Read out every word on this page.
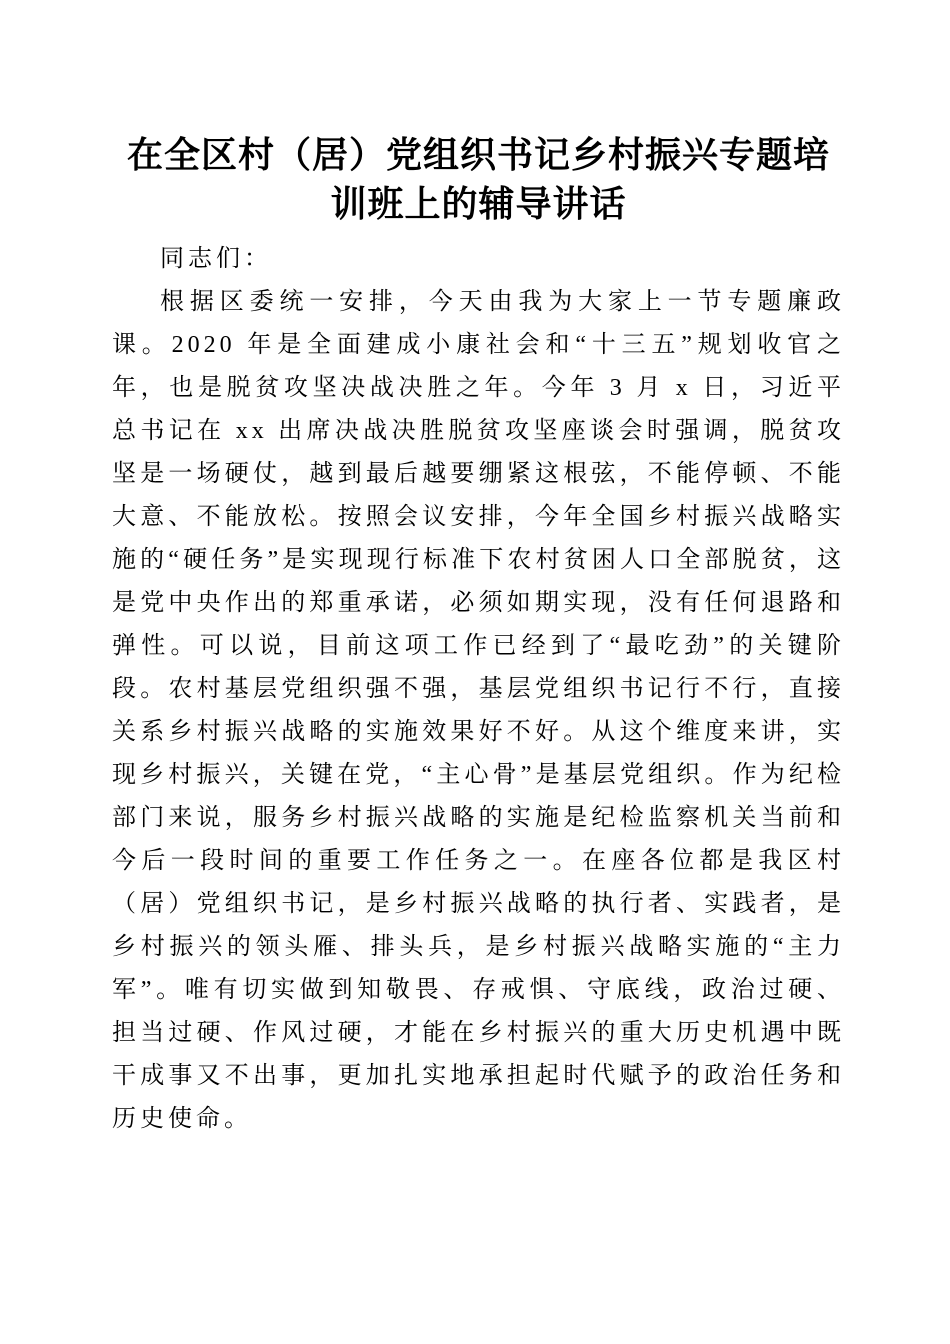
在全区村（居）党组织书记乡村振兴专题培训班上的辅导讲话

同志们：

根据区委统一安排，今天由我为大家上一节专题廉政课。2020 年是全面建成小康社会和“十三五”规划收官之年，也是脱贫攻坚决战决胜之年。今年 3 月 x 日，习近平总书记在 xx 出席决战决胜脱贫攻坚座谈会时强调，脱贫攻坚是一场硬仗，越到最后越要绷紧这根弦，不能停顿、不能大意、不能放松。按照会议安排，今年全国乡村振兴战略实施的“硬任务”是实现现行标准下农村贫困人口全部脱贫，这是党中央作出的郑重承诺，必须如期实现，没有任何退路和弹性。可以说，目前这项工作已经到了“最吃劲”的关键阶段。农村基层党组织强不强，基层党组织书记行不行，直接关系乡村振兴战略的实施效果好不好。从这个维度来讲，实现乡村振兴，关键在党，“主心骨”是基层党组织。作为纪检部门来说，服务乡村振兴战略的实施是纪检监察机关当前和今后一段时间的重要工作任务之一。在座各位都是我区村（居）党组织书记，是乡村振兴战略的执行者、实践者，是乡村振兴的领头雁、排头兵，是乡村振兴战略实施的“主力军”。唯有切实做到知敬畏、存戒惧、守底线，政治过硬、担当过硬、作风过硬，才能在乡村振兴的重大历史机遇中既干成事又不出事，更加扎实地承担起时代赋予的政治任务和历史使命。
